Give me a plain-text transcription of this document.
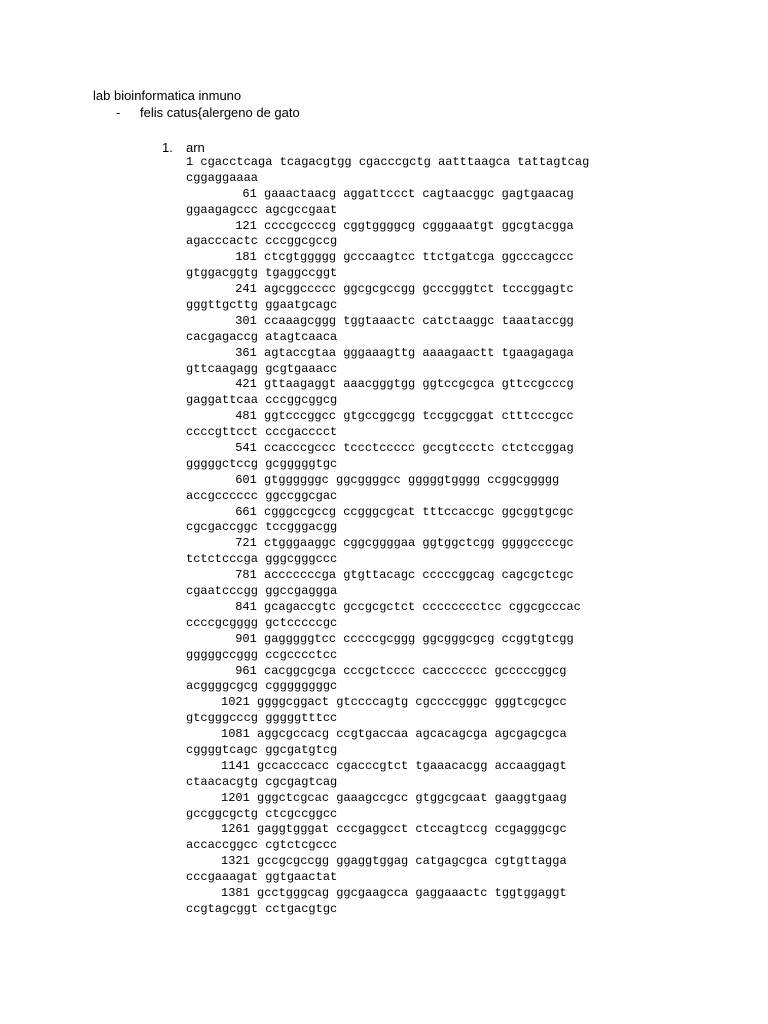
lab bioinformatica inmuno
- felis catus{alergeno de gato
1. arn
1 cgacctcaga tcagacgtgg cgacccgctg aatttaagca tattagtcag
cggaggaaaa
61 gaaactaacg aggattccct cagtaacggc gagtgaacag
ggaagagccc agcgccgaat
121 ccccgccccg cggtggggcg cgggaaatgt ggcgtacgga
agacccactc cccggcgccg
181 ctcgtggggg gcccaagtcc ttctgatcga ggcccagccc
gtggacggtg tgaggccggt
241 agcggccccc ggcgcgccgg gcccgggtct tcccggagtc
gggttgcttg ggaatgcagc
301 ccaaagcggg tggtaaactc catctaaggc taaataccgg
cacgagaccg atagtcaaca
361 agtaccgtaa gggaaagttg aaaagaactt tgaagagaga
gttcaagagg gcgtgaaacc
421 gttaagaggt aaacgggtgg ggtccgcgca gttccgcccg
gaggattcaa cccggcggcg
481 ggtcccggcc gtgccggcgg tccggcggat ctttcccgcc
ccccgttcct cccgacccct
541 ccacccgccc tccctccccc gccgtccctc ctctccggag
gggggctccg gcgggggtgc
601 gtggggggc ggcggggcc gggggtgggg ccggcggggg
accgcccccc ggccggcgac
661 cgggccgccg ccgggcgcat tttccaccgc ggcggtgcgc
cgcgaccggc tccgggacgg
721 ctgggaaggc cggcggggaa ggtggctcgg ggggccccgc
tctctcccga gggcgggccc
781 acccccccga gtgttacagc cccccggcag cagcgctcgc
cgaatcccgg ggccgaggga
841 gcagaccgtc gccgcgctct cccccccctcc cggcgcccac
ccccgcgggg gctcccccgc
901 gagggggtcc cccccgcggg ggcgggcgcg ccggtgtcgg
gggggccggg ccgcccctcc
961 cacggcgcga cccgctcccc caccccccc gcccccggcg
acggggcgcg cggggggggc
1021 ggggcggact gtccccagtg cgccccgggc gggtcgcgcc
gtcgggcccg gggggtttcc
1081 aggcgccacg ccgtgaccaa agcacagcga agcgagcgca
cggggtcagc ggcgatgtcg
1141 gccacccacc cgacccgtct tgaaacacgg accaaggagt
ctaacacgtg cgcgagtcag
1201 gggctcgcac gaaagccgcc gtggcgcaat gaaggtgaag
gccggcgctg ctcgccggcc
1261 gaggtgggat cccgaggcct ctccagtccg ccgagggcgc
accaccggcc cgtctcgccc
1321 gccgcgccgg ggaggtggag catgagcgca cgtgttagga
cccgaaagat ggtgaactat
1381 gcctgggcag ggcgaagcca gaggaaactc tggtggaggt
ccgtagcggt cctgacgtgc
